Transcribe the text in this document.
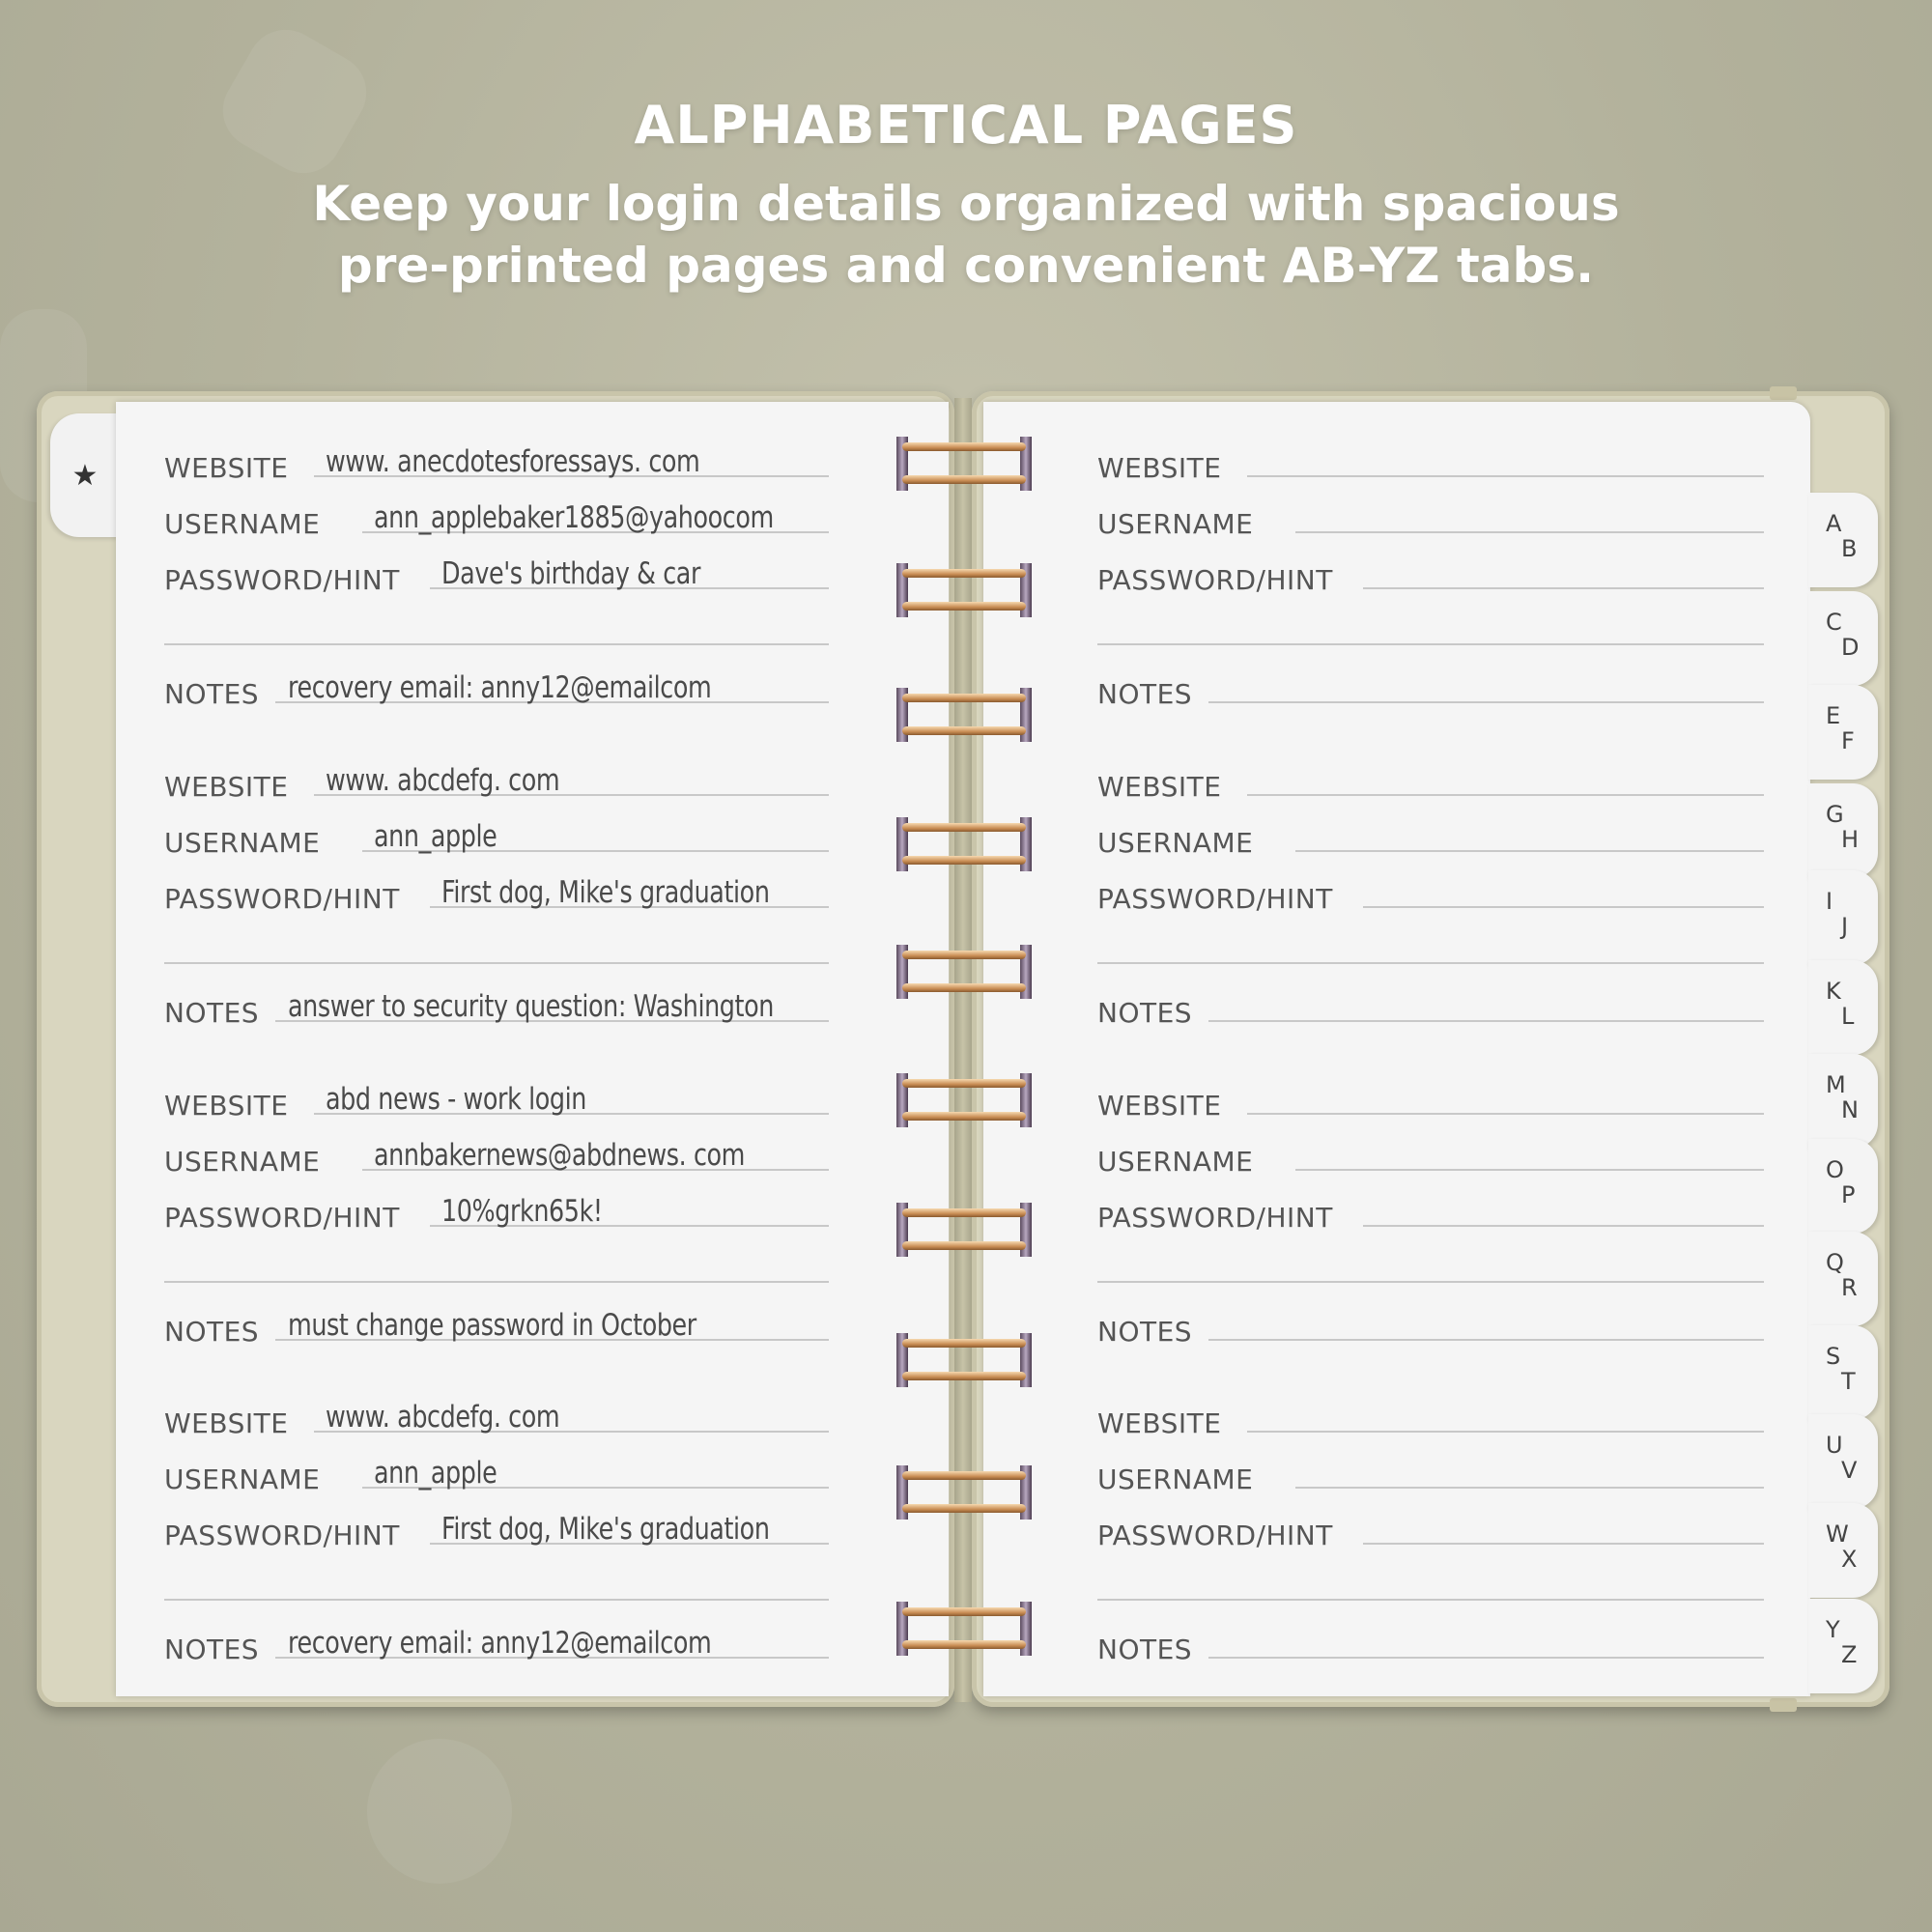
ALPHABETICAL PAGES
Keep your login details organized with spacious
pre-printed pages and convenient AB-YZ tabs.
★
A
B
C
D
E
F
G
H
I
J
K
L
M
N
O
P
Q
R
S
T
U
V
W
X
Y
Z
WEBSITE www. anecdotesforessays. com
USERNAME ann_applebaker1885@yahoocom
PASSWORD/HINT Dave's birthday & car
NOTES recovery email: anny12@emailcom
WEBSITE www. abcdefg. com
USERNAME ann_apple
PASSWORD/HINT First dog, Mike's graduation
NOTES answer to security question: Washington
WEBSITE abd news - work login
USERNAME annbakernews@abdnews. com
PASSWORD/HINT 10%grkn65k!
NOTES must change password in October
WEBSITE www. abcdefg. com
USERNAME ann_apple
PASSWORD/HINT First dog, Mike's graduation
NOTES recovery email: anny12@emailcom
WEBSITE
USERNAME
PASSWORD/HINT
NOTES
WEBSITE
USERNAME
PASSWORD/HINT
NOTES
WEBSITE
USERNAME
PASSWORD/HINT
NOTES
WEBSITE
USERNAME
PASSWORD/HINT
NOTES
